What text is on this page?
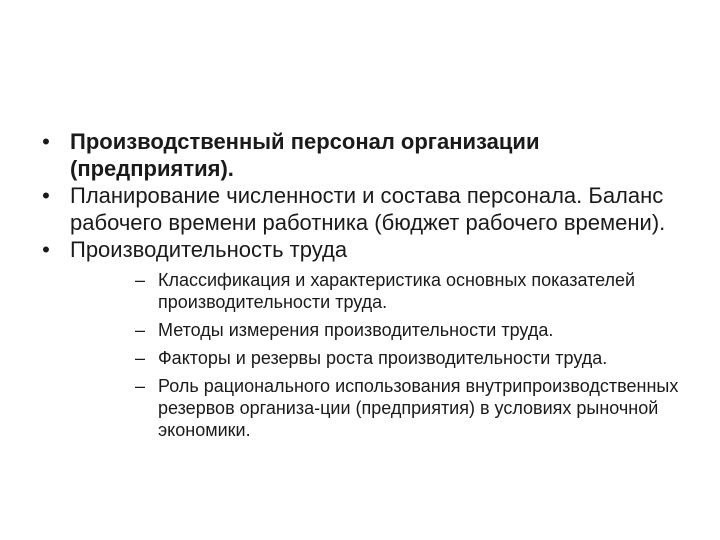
• Производственный персонал организации (предприятия).
• Планирование численности и состава персонала. Баланс рабочего времени работника (бюджет рабочего времени).
• Производительность труда
– Классификация и характеристика основных показателей производительности труда.
– Методы измерения производительности труда.
– Факторы и резервы роста производительности труда.
– Роль рационального использования внутрипроизводственных резервов организа-ции (предприятия) в условиях рыночной экономики.
